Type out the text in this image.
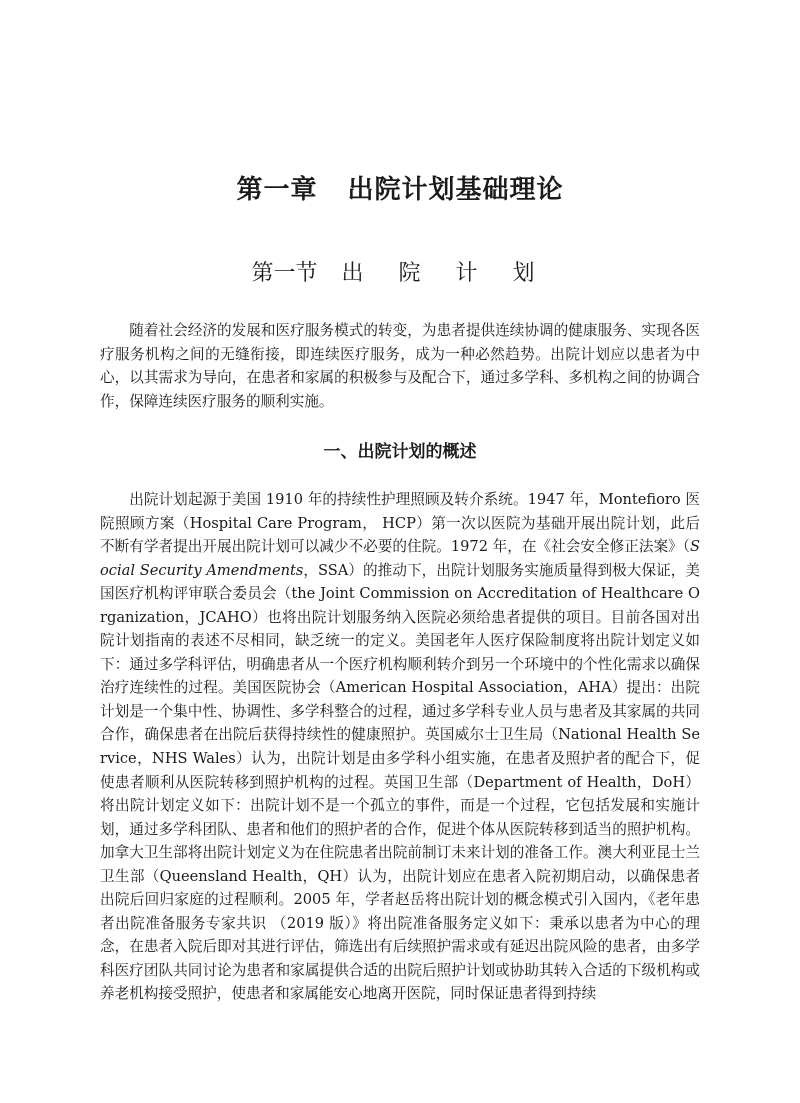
第一章 出院计划基础理论
第一节 出 院 计 划

随着社会经济的发展和医疗服务模式的转变，为患者提供连续协调的健康服务、实现各医疗服务机构之间的无缝衔接，即连续医疗服务，成为一种必然趋势。出院计划应以患者为中心，以其需求为导向，在患者和家属的积极参与及配合下，通过多学科、多机构之间的协调合作，保障连续医疗服务的顺利实施。

一、出院计划的概述

出院计划起源于美国 1910 年的持续性护理照顾及转介系统。1947 年，Montefioro 医院照顾方案（Hospital Care Program， HCP）第一次以医院为基础开展出院计划，此后不断有学者提出开展出院计划可以减少不必要的住院。1972 年，在《社会安全修正法案》（Social Security Amendments，SSA）的推动下，出院计划服务实施质量得到极大保证，美国医疗机构评审联合委员会（the Joint Commission on Accreditation of Healthcare Organization，JCAHO）也将出院计划服务纳入医院必须给患者提供的项目。目前各国对出院计划指南的表述不尽相同，缺乏统一的定义。美国老年人医疗保险制度将出院计划定义如下：通过多学科评估，明确患者从一个医疗机构顺利转介到另一个环境中的个性化需求以确保治疗连续性的过程。美国医院协会（American Hospital Association，AHA）提出：出院计划是一个集中性、协调性、多学科整合的过程，通过多学科专业人员与患者及其家属的共同合作，确保患者在出院后获得持续性的健康照护。英国威尔士卫生局（National Health Service，NHS Wales）认为，出院计划是由多学科小组实施，在患者及照护者的配合下，促使患者顺利从医院转移到照护机构的过程。英国卫生部（Department of Health，DoH）将出院计划定义如下：出院计划不是一个孤立的事件，而是一个过程，它包括发展和实施计划，通过多学科团队、患者和他们的照护者的合作，促进个体从医院转移到适当的照护机构。加拿大卫生部将出院计划定义为在住院患者出院前制订未来计划的准备工作。澳大利亚昆士兰卫生部（Queensland Health，QH）认为，出院计划应在患者入院初期启动，以确保患者出院后回归家庭的过程顺利。2005 年，学者赵岳将出院计划的概念模式引入国内，《老年患者出院准备服务专家共识 （2019 版）》将出院准备服务定义如下：秉承以患者为中心的理念，在患者入院后即对其进行评估，筛选出有后续照护需求或有延迟出院风险的患者，由多学科医疗团队共同讨论为患者和家属提供合适的出院后照护计划或协助其转入合适的下级机构或养老机构接受照护，使患者和家属能安心地离开医院，同时保证患者得到持续
